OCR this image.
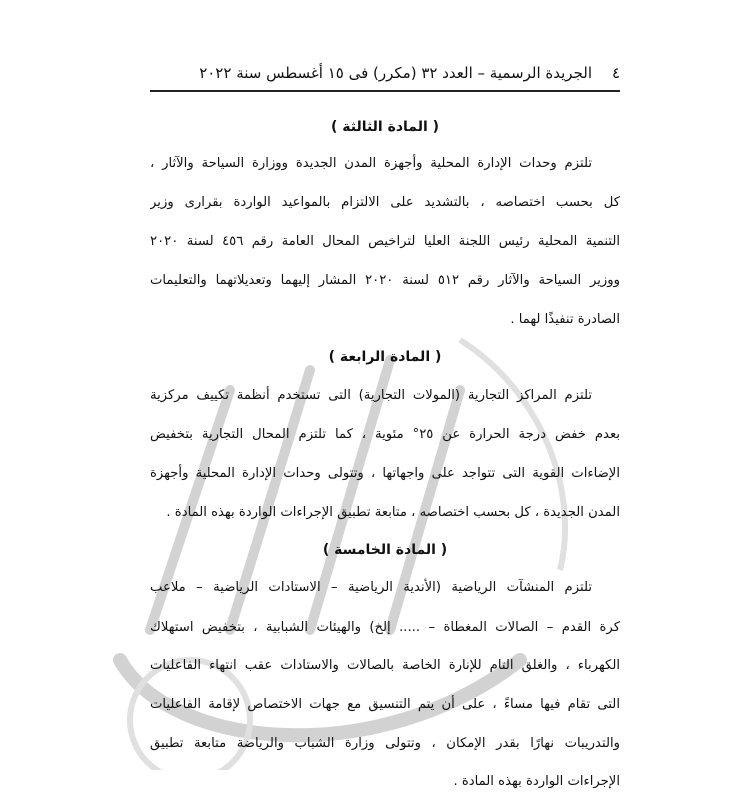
٤
الجريدة الرسمية – العدد ٣٢ (مكرر) فى ١٥ أغسطس سنة ٢٠٢٢
( المادة الثالثة )
تلتزم وحدات الإدارة المحلية وأجهزة المدن الجديدة ووزارة السياحة والآثار ،
كل بحسب اختصاصه ، بالتشديد على الالتزام بالمواعيد الواردة بقرارى وزير
التنمية المحلية رئيس اللجنة العليا لتراخيص المحال العامة رقم ٤٥٦ لسنة ٢٠٢٠
ووزير السياحة والآثار رقم ٥١٢ لسنة ٢٠٢٠ المشار إليهما وتعديلاتهما والتعليمات
الصادرة تنفيذًا لهما .
( المادة الرابعة )
تلتزم المراكز التجارية (المولات التجارية) التى تستخدم أنظمة تكييف مركزية
بعدم خفض درجة الحرارة عن ٢٥° مئوية ، كما تلتزم المحال التجارية بتخفيض
الإضاءات القوية التى تتواجد على واجهاتها ، وتتولى وحدات الإدارة المحلية وأجهزة
المدن الجديدة ، كل بحسب اختصاصه ، متابعة تطبيق الإجراءات الواردة بهذه المادة .
( المادة الخامسة )
تلتزم المنشآت الرياضية (الأندية الرياضية – الاستادات الرياضية – ملاعب
كرة القدم – الصالات المغطاة – ..... إلخ) والهيئات الشبابية ، بتخفيض استهلاك
الكهرباء ، والغلق التام للإنارة الخاصة بالصالات والاستادات عقب انتهاء الفاعليات
التى تقام فيها مساءً ، على أن يتم التنسيق مع جهات الاختصاص لإقامة الفاعليات
والتدريبات نهارًا بقدر الإمكان ، وتتولى وزارة الشباب والرياضة متابعة تطبيق
الإجراءات الواردة بهذه المادة .
